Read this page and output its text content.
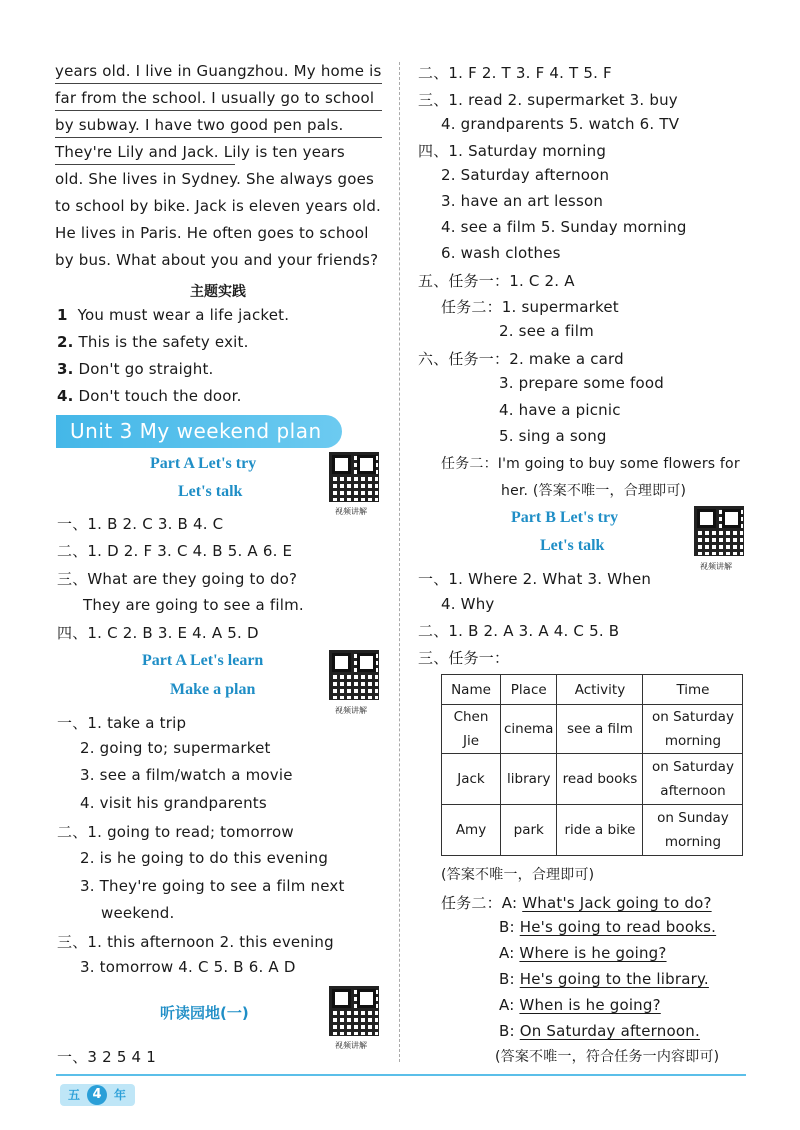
years old. I live in Guangzhou. My home is
far from the school. I usually go to school
by subway. I have two good pen pals.
They're Lily and Jack. Lily is ten years
old. She lives in Sydney. She always goes
to school by bike. Jack is eleven years old.
He lives in Paris. He often goes to school
by bus. What about you and your friends?
主题实践
1 You must wear a life jacket.
2. This is the safety exit.
3. Don't go straight.
4. Don't touch the door.
Unit 3 My weekend plan
Part A Let's try
Let's talk
视频讲解
一、1. B 2. C 3. B 4. C
二、1. D 2. F 3. C 4. B 5. A 6. E
三、What are they going to do?
They are going to see a film.
四、1. C 2. B 3. E 4. A 5. D
Part A Let's learn
Make a plan
视频讲解
一、1. take a trip
2. going to; supermarket
3. see a film/watch a movie
4. visit his grandparents
二、1. going to read; tomorrow
2. is he going to do this evening
3. They're going to see a film next
weekend.
三、1. this afternoon 2. this evening
3. tomorrow 4. C 5. B 6. A D
听读园地(一)
视频讲解
一、3 2 5 4 1
二、1. F 2. T 3. F 4. T 5. F
三、1. read 2. supermarket 3. buy
4. grandparents 5. watch 6. TV
四、1. Saturday morning
2. Saturday afternoon
3. have an art lesson
4. see a film 5. Sunday morning
6. wash clothes
五、任务一：1. C 2. A
任务二：1. supermarket
2. see a film
六、任务一：2. make a card
3. prepare some food
4. have a picnic
5. sing a song
任务二：I'm going to buy some flowers for
her. (答案不唯一，合理即可)
Part B Let's try
Let's talk
视频讲解
一、1. Where 2. What 3. When
4. Why
二、1. B 2. A 3. A 4. C 5. B
三、任务一：
Name	Place	Activity	Time
Chen Jie	cinema	see a film	on Saturday
morning

Jack	library	read books	on Saturday
afternoon

Amy	park	ride a bike	on Sunday
morning
(答案不唯一，合理即可)
任务二：A: What's Jack going to do?
B: He's going to read books.
A: Where is he going?
B: He's going to the library.
A: When is he going?
B: On Saturday afternoon.
(答案不唯一，符合任务一内容即可)
五 4	年
